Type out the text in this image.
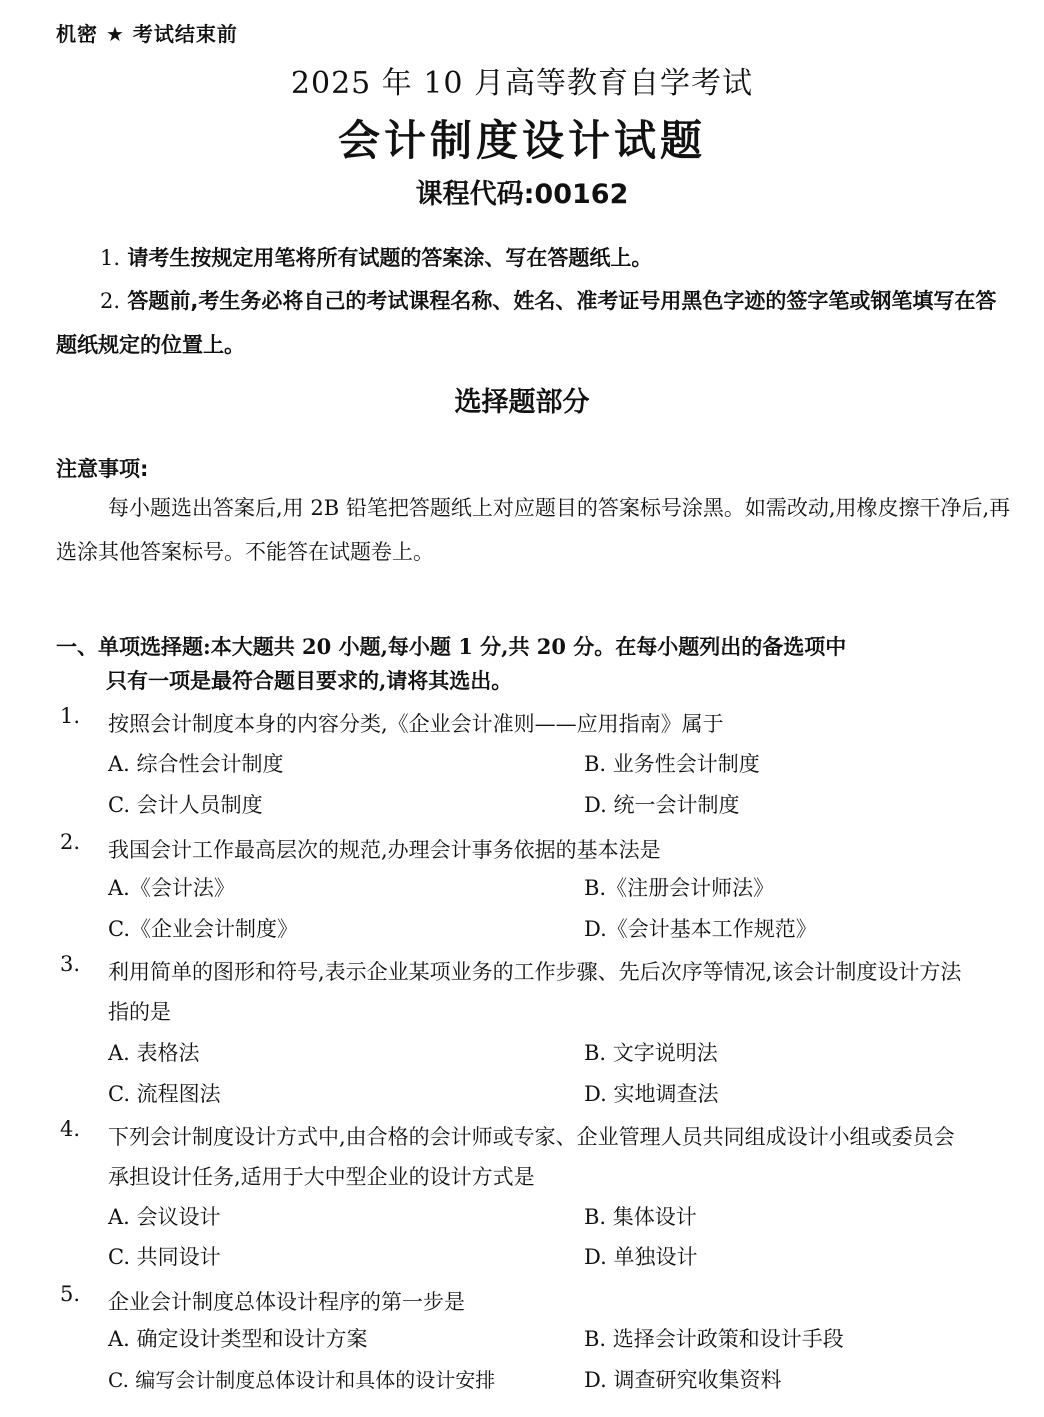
机密 ★ 考试结束前
2025 年 10 月高等教育自学考试
会计制度设计试题
课程代码:00162
1. 请考生按规定用笔将所有试题的答案涂、写在答题纸上。
2. 答题前,考生务必将自己的考试课程名称、姓名、准考证号用黑色字迹的签字笔或钢笔填写在答题纸规定的位置上。
选择题部分
注意事项:
每小题选出答案后,用 2B 铅笔把答题纸上对应题目的答案标号涂黑。如需改动,用橡皮擦干净后,再选涂其他答案标号。不能答在试题卷上。
一、单项选择题:本大题共 20 小题,每小题 1 分,共 20 分。在每小题列出的备选项中
只有一项是最符合题目要求的,请将其选出。
1.	按照会计制度本身的内容分类,《企业会计准则——应用指南》属于
A. 综合性会计制度	B. 业务性会计制度
C. 会计人员制度	D. 统一会计制度
2.	我国会计工作最高层次的规范,办理会计事务依据的基本法是
A.《会计法》	B.《注册会计师法》
C.《企业会计制度》	D.《会计基本工作规范》
3.	利用简单的图形和符号,表示企业某项业务的工作步骤、先后次序等情况,该会计制度设计方法指的是
A. 表格法	B. 文字说明法
C. 流程图法	D. 实地调查法
4.	下列会计制度设计方式中,由合格的会计师或专家、企业管理人员共同组成设计小组或委员会承担设计任务,适用于大中型企业的设计方式是
A. 会议设计	B. 集体设计
C. 共同设计	D. 单独设计
5.	企业会计制度总体设计程序的第一步是
A. 确定设计类型和设计方案	B. 选择会计政策和设计手段
C. 编写会计制度总体设计和具体的设计安排	D. 调查研究收集资料
